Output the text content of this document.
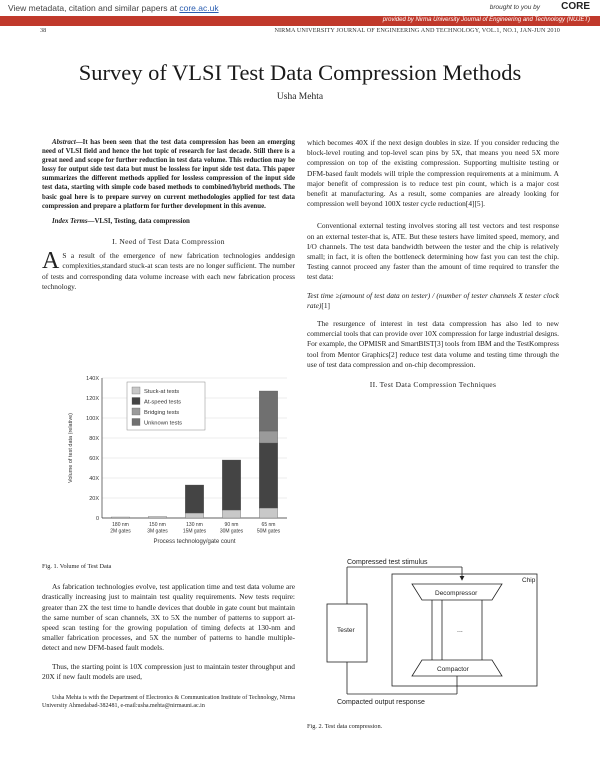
View metadata, citation and similar papers at core.ac.uk	brought to you by CORE
provided by Nirma University Journal of Engineering and Technology (NUJET)
38	NIRMA UNIVERSITY JOURNAL OF ENGINEERING AND TECHNOLOGY, VOL.1, NO.1, JAN-JUN 2010
Survey of VLSI Test Data Compression Methods
Usha Mehta

Abstract—It has been seen that the test data compression has been an emerging need of VLSI field and hence the hot topic of research for last decade. Still there is a great need and scope for further reduction in test data volume. This reduction may be lossy for output side test data but must be lossless for input side test data. This paper summarizes the different methods applied for lossless compression of the input side test data, starting with simple code based methods to combined/hybrid methods. The basic goal here is to prepare survey on current methodologies applied for test data compression and prepare a platform for further development in this avenue.

Index Terms—VLSI, Testing, data compression

I. Need of Test Data Compression

A S a result of the emergence of new fabrication technologies anddesign complexities,standard stuck-at scan tests are no longer sufficient. The number of tests and corresponding data volume increase with each new fabrication process technology.

0
20X
40X
60X
80X
100X
120X
140X
180 nm
2M gates
150 nm
3M gates
130 nm
15M gates
90 nm
30M gates
65 nm
50M gates
Volume of test data (relative)
Process technology/gate count
Stuck-at tests
At-speed tests
Bridging tests
Unknown tests

Fig. 1. Volume of Test Data

As fabrication technologies evolve, test application time and test data volume are drastically increasing just to maintain test quality requirements. New tests require: greater than 2X the test time to handle devices that double in gate count but maintain the same number of scan channels, 3X to 5X the number of patterns to support at-speed scan testing for the growing population of timing defects at 130-nm and smaller fabrication processes, and 5X the number of patterns to handle multiple-detect and new DFM-based fault models.

Thus, the starting point is 10X compression just to maintain tester throughput and 20X if new fault models are used,

Usha Mehta is with the Department of Electronics & Communication Institute of Technology, Nirma University Ahmedabad-382481, e-mail:usha.mehta@nirmauni.ac.in

which becomes 40X if the next design doubles in size. If you consider reducing the block-level routing and top-level scan pins by 5X, that means you need 5X more compression on top of the existing compression. Supporting multisite testing or DFM-based fault models will triple the compression requirements at a minimum. A major benefit of compression is to reduce test pin count, which is a major cost benefit at manufacturing. As a result, some companies are already looking for compression well beyond 100X tester cycle reduction[4][5].

Conventional external testing involves storing all test vectors and test response on an external tester-that is, ATE. But these testers have limited speed, memory, and I/O channels. The test data bandwidth between the tester and the chip is relatively small; in fact, it is often the bottleneck determining how fast you can test the chip. Testing cannot proceed any faster than the amount of time required to transfer the test data:

Test time ≥(amount of test data on tester) / (number of tester channels X tester clock rate)[1]

The resurgence of interest in test data compression has also led to new commercial tools that can provide over 10X compression for large industrial designs. For example, the OPMISR and SmartBIST[3] tools from IBM and the TestKompress tool from Mentor Graphics[2] reduce test data volume and testing time through the use of test data compression and on-chip decompression.

II. Test Data Compression Techniques
Compressed test stimulus
Chip
Decompressor
...
Compactor
Tester
Compacted output response
Fig. 2. Test data compression.
